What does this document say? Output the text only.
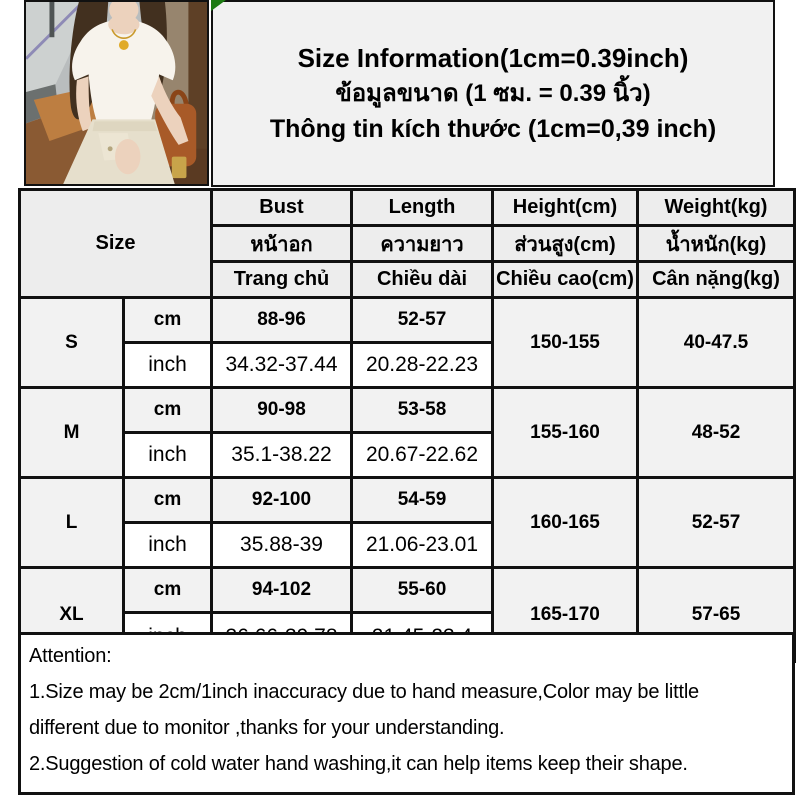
Size Information(1cm=0.39inch)
ข้อมูลขนาด (1 ซม. = 0.39 นิ้ว)
Thông tin kích thước (1cm=0,39 inch)
Size		Bust	Length	Height(cm)	Weight(kg)
		หน้าอก	ความยาว	ส่วนสูง(cm)	น้ำหนัก(kg)
		Trang chủ	Chiều dài	Chiều cao(cm)	Cân nặng(kg)
S	cm	88-96	52-57	150-155	40-47.5
	inch	34.32-37.44	20.28-22.23		
M	cm	90-98	53-58	155-160	48-52
	inch	35.1-38.22	20.67-22.62		
L	cm	92-100	54-59	160-165	52-57
	inch	35.88-39	21.06-23.01		
XL	cm	94-102	55-60	165-170	57-65

Attention:
1.Size may be 2cm/1inch inaccuracy due to hand measure,Color may be little
different due to monitor ,thanks for your understanding.
2.Suggestion of cold water hand washing,it can help items keep their shape.
